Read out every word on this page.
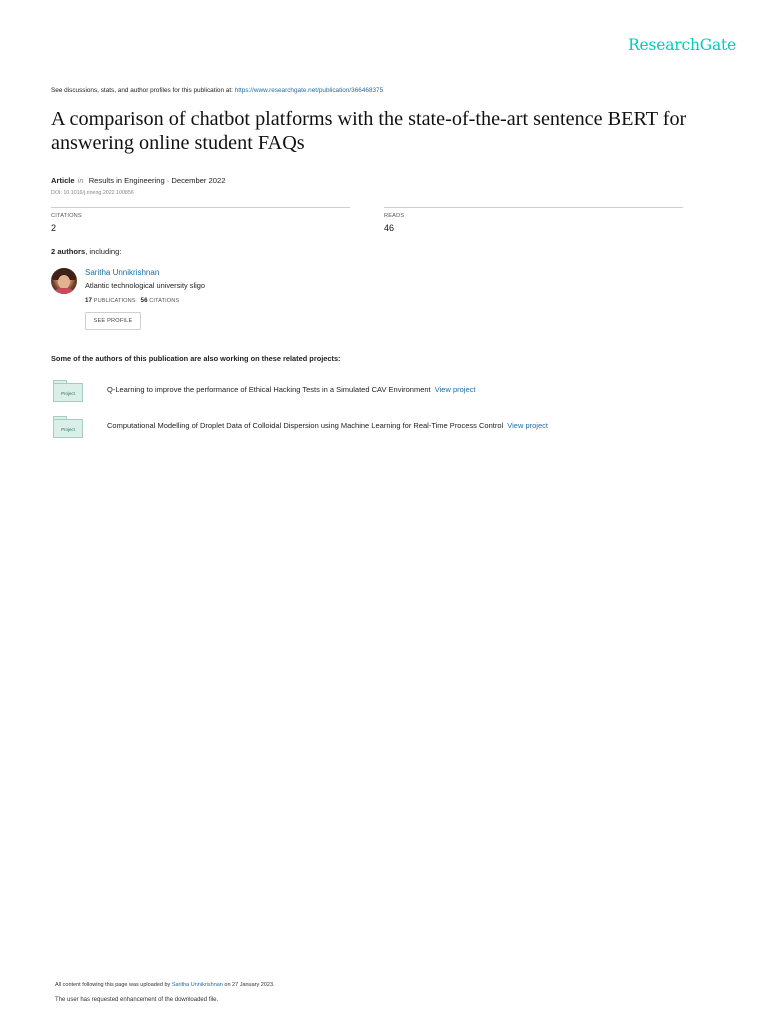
ResearchGate
See discussions, stats, and author profiles for this publication at: https://www.researchgate.net/publication/366468375
A comparison of chatbot platforms with the state-of-the-art sentence BERT for answering online student FAQs
Article in Results in Engineering · December 2022
DOI: 10.1016/j.rineng.2022.100856
CITATIONS
2
READS
46
2 authors, including:
Saritha Unnikrishnan
Atlantic technological university sligo
17 PUBLICATIONS 56 CITATIONS
SEE PROFILE
Some of the authors of this publication are also working on these related projects:
Project	Q-Learning to improve the performance of Ethical Hacking Tests in a Simulated CAV Environment View project
Project	Computational Modelling of Droplet Data of Colloidal Dispersion using Machine Learning for Real-Time Process Control View project
All content following this page was uploaded by Saritha Unnikrishnan on 27 January 2023.
The user has requested enhancement of the downloaded file.
